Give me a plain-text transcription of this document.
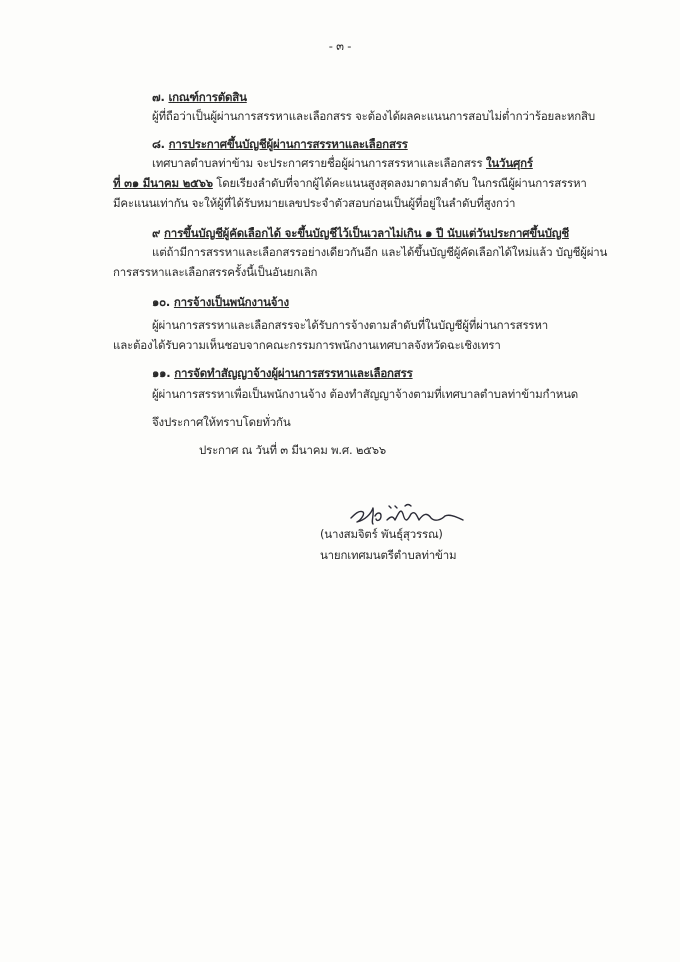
- ๓ -
๗. เกณฑ์การตัดสิน
ผู้ที่ถือว่าเป็นผู้ผ่านการสรรหาและเลือกสรร จะต้องได้ผลคะแนนการสอบไม่ต่ำกว่าร้อยละหกสิบ
๘. การประกาศขึ้นบัญชีผู้ผ่านการสรรหาและเลือกสรร
เทศบาลตำบลท่าข้าม จะประกาศรายชื่อผู้ผ่านการสรรหาและเลือกสรร ในวันศุกร์
ที่ ๓๑ มีนาคม ๒๕๖๖ โดยเรียงลำดับที่จากผู้ได้คะแนนสูงสุดลงมาตามลำดับ ในกรณีผู้ผ่านการสรรหา
มีคะแนนเท่ากัน จะให้ผู้ที่ได้รับหมายเลขประจำตัวสอบก่อนเป็นผู้ที่อยู่ในลำดับที่สูงกว่า
๙ การขึ้นบัญชีผู้คัดเลือกได้ จะขึ้นบัญชีไว้เป็นเวลาไม่เกิน ๑ ปี นับแต่วันประกาศขึ้นบัญชี
แต่ถ้ามีการสรรหาและเลือกสรรอย่างเดียวกันอีก และได้ขึ้นบัญชีผู้คัดเลือกได้ใหม่แล้ว บัญชีผู้ผ่าน
การสรรหาและเลือกสรรครั้งนี้เป็นอันยกเลิก
๑๐. การจ้างเป็นพนักงานจ้าง
ผู้ผ่านการสรรหาและเลือกสรรจะได้รับการจ้างตามลำดับที่ในบัญชีผู้ที่ผ่านการสรรหา
และต้องได้รับความเห็นชอบจากคณะกรรมการพนักงานเทศบาลจังหวัดฉะเชิงเทรา
๑๑. การจัดทำสัญญาจ้างผู้ผ่านการสรรหาและเลือกสรร
ผู้ผ่านการสรรหาเพื่อเป็นพนักงานจ้าง ต้องทำสัญญาจ้างตามที่เทศบาลตำบลท่าข้ามกำหนด
จึงประกาศให้ทราบโดยทั่วกัน
ประกาศ ณ วันที่ ๓ มีนาคม พ.ศ. ๒๕๖๖
(นางสมจิตร์ พันธุ์สุวรรณ)
นายกเทศมนตรีตำบลท่าข้าม
